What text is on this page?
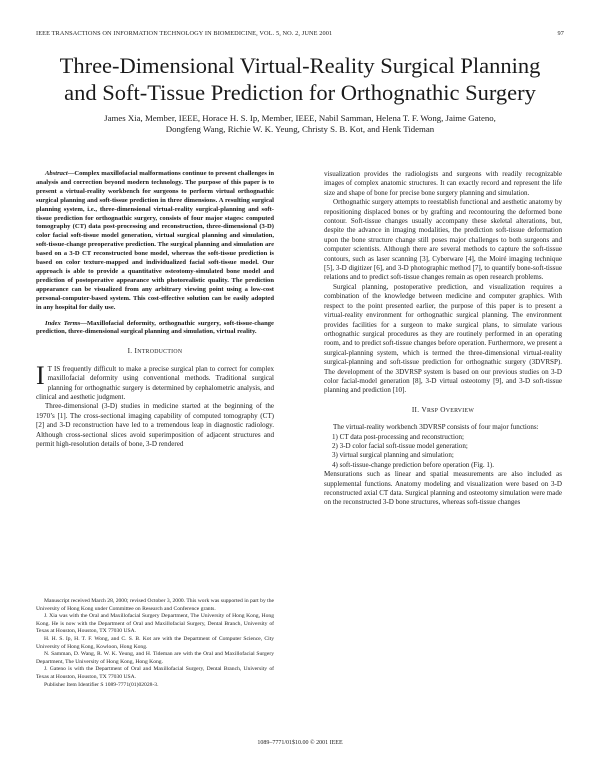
IEEE TRANSACTIONS ON INFORMATION TECHNOLOGY IN BIOMEDICINE, VOL. 5, NO. 2, JUNE 2001	97
Three-Dimensional Virtual-Reality Surgical Planning
and Soft-Tissue Prediction for Orthognathic Surgery
James Xia, Member, IEEE, Horace H. S. Ip, Member, IEEE, Nabil Samman, Helena T. F. Wong, Jaime Gateno,
Dongfeng Wang, Richie W. K. Yeung, Christy S. B. Kot, and Henk Tideman

Abstract—Complex maxillofacial malformations continue to present challenges in analysis and correction beyond modern technology. The purpose of this paper is to present a virtual-reality workbench for surgeons to perform virtual orthognathic surgical planning and soft-tissue prediction in three dimensions. A resulting surgical planning system, i.e., three-dimensional virtual-reality surgical-planning and soft-tissue prediction for orthognathic surgery, consists of four major stages: computed tomography (CT) data post-processing and reconstruction, three-dimensional (3-D) color facial soft-tissue model generation, virtual surgical planning and simulation, soft-tissue-change preoperative prediction. The surgical planning and simulation are based on a 3-D CT reconstructed bone model, whereas the soft-tissue prediction is based on color texture-mapped and individualized facial soft-tissue model. Our approach is able to provide a quantitative osteotomy-simulated bone model and prediction of postoperative appearance with photorealistic quality. The prediction appearance can be visualized from any arbitrary viewing point using a low-cost personal-computer-based system. This cost-effective solution can be easily adopted in any hospital for daily use.

Index Terms—Maxillofacial deformity, orthognathic surgery, soft-tissue-change prediction, three-dimensional surgical planning and simulation, virtual reality.

I. INTRODUCTION

I T IS frequently difficult to make a precise surgical plan to correct for complex maxillofacial deformity using conventional methods. Traditional surgical planning for orthognathic surgery is determined by cephalometric analysis, and clinical and aesthetic judgment.

Three-dimensional (3-D) studies in medicine started at the beginning of the 1970’s [1]. The cross-sectional imaging capability of computed tomography (CT) [2] and 3-D reconstruction have led to a tremendous leap in diagnostic radiology. Although cross-sectional slices avoid superimposition of adjacent structures and permit high-resolution details of bone, 3-D rendered

Manuscript received March 28, 2000; revised October 3, 2000. This work was supported in part by the University of Hong Kong under Committee on Research and Conference grants.

J. Xia was with the Oral and Maxillofacial Surgery Department, The University of Hong Kong, Hong Kong. He is now with the Department of Oral and Maxillofacial Surgery, Dental Branch, University of Texas at Houston, Houston, TX 77030 USA.

H. H. S. Ip, H. T. F. Wong, and C. S. B. Kot are with the Department of Computer Science, City University of Hong Kong, Kowloon, Hong Kong.

N. Samman, D. Wang, R. W. K. Yeung, and H. Tideman are with the Oral and Maxillofacial Surgery Department, The University of Hong Kong, Hong Kong.

J. Gateno is with the Department of Oral and Maxillofacial Surgery, Dental Branch, University of Texas at Houston, Houston, TX 77030 USA.

Publisher Item Identifier S 1089-7771(01)02028-3.

visualization provides the radiologists and surgeons with readily recognizable images of complex anatomic structures. It can exactly record and represent the life size and shape of bone for precise bone surgery planning and simulation.

Orthognathic surgery attempts to reestablish functional and aesthetic anatomy by repositioning displaced bones or by grafting and recontouring the deformed bone contour. Soft-tissue changes usually accompany these skeletal alterations, but, despite the advance in imaging modalities, the prediction soft-tissue deformation upon the bone structure change still poses major challenges to both surgeons and computer scientists. Although there are several methods to capture the soft-tissue contours, such as laser scanning [3], Cyberware [4], the Moiré imaging technique [5], 3-D digitizer [6], and 3-D photographic method [7], to quantify bone-soft-tissue relations and to predict soft-tissue changes remain as open research problems.

Surgical planning, postoperative prediction, and visualization requires a combination of the knowledge between medicine and computer graphics. With respect to the point presented earlier, the purpose of this paper is to present a virtual-reality environment for orthognathic surgical planning. The environment provides facilities for a surgeon to make surgical plans, to simulate various orthognathic surgical procedures as they are routinely performed in an operating room, and to predict soft-tissue changes before operation. Furthermore, we present a surgical-planning system, which is termed the three-dimensional virtual-reality surgical-planning and soft-tissue prediction for orthognathic surgery (3DVRSP). The development of the 3DVRSP system is based on our previous studies on 3-D color facial-model generation [8], 3-D virtual osteotomy [9], and 3-D soft-tissue planning and prediction [10].

II. VRSP OVERVIEW

The virtual-reality workbench 3DVRSP consists of four major functions:

1) CT data post-processing and reconstruction;
2) 3-D color facial soft-tissue model generation;
3) virtual surgical planning and simulation;
4) soft-tissue-change prediction before operation (Fig. 1).

Mensurations such as linear and spatial measurements are also included as supplemental functions. Anatomy modeling and visualization were based on 3-D reconstructed axial CT data. Surgical planning and osteotomy simulation were made on the reconstructed 3-D bone structures, whereas soft-tissue changes

1089–7771/01$10.00 © 2001 IEEE
